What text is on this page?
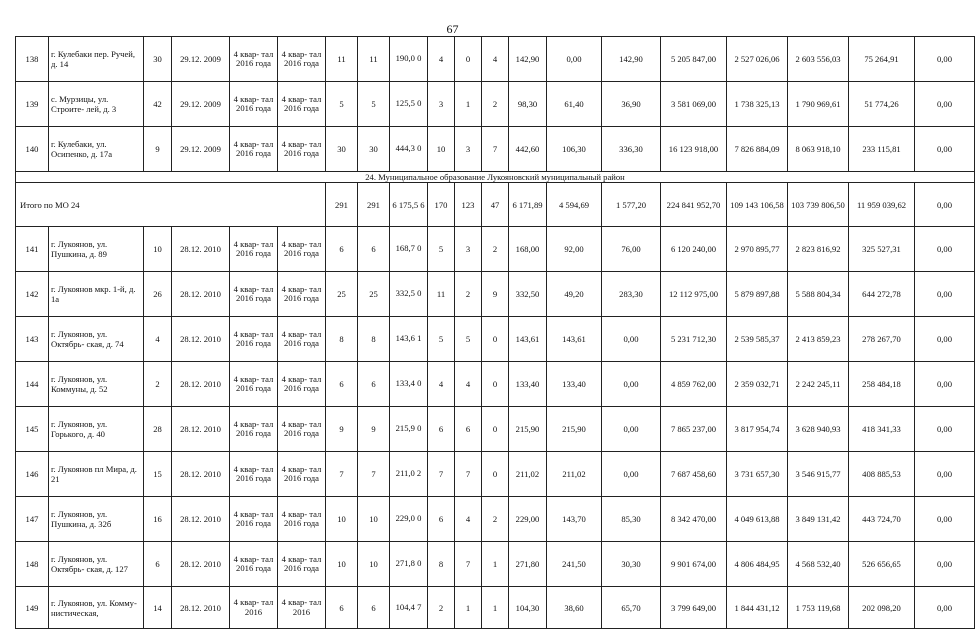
67
138	г. Кулебаки пер. Ручей, д. 14	30	29.12. 2009	4 квар- тал 2016 года	4 квар- тал 2016 года	11	11	190,0 0	4	0	4	142,90	0,00	142,90	5 205 847,00	2 527 026,06	2 603 556,03	75 264,91	0,00
139	с. Мурзицы, ул. Строите- лей, д. 3	42	29.12. 2009	4 квар- тал 2016 года	4 квар- тал 2016 года	5	5	125,5 0	3	1	2	98,30	61,40	36,90	3 581 069,00	1 738 325,13	1 790 969,61	51 774,26	0,00
140	г. Кулебаки, ул. Осипенко, д. 17а	9	29.12. 2009	4 квар- тал 2016 года	4 квар- тал 2016 года	30	30	444,3 0	10	3	7	442,60	106,30	336,30	16 123 918,00	7 826 884,09	8 063 918,10	233 115,81	0,00
24. Муниципальное образование Лукояновский муниципальный район																			
Итого по МО 24						291	291	6 175,5 6	170	123	47	6 171,89	4 594,69	1 577,20	224 841 952,70	109 143 106,58	103 739 806,50	11 959 039,62	0,00
141	г. Лукоянов, ул. Пушкина, д. 89	10	28.12. 2010	4 квар- тал 2016 года	4 квар- тал 2016 года	6	6	168,7 0	5	3	2	168,00	92,00	76,00	6 120 240,00	2 970 895,77	2 823 816,92	325 527,31	0,00
142	г. Лукоянов мкр. 1-й, д. 1а	26	28.12. 2010	4 квар- тал 2016 года	4 квар- тал 2016 года	25	25	332,5 0	11	2	9	332,50	49,20	283,30	12 112 975,00	5 879 897,88	5 588 804,34	644 272,78	0,00
143	г. Лукоянов, ул. Октябрь- ская, д. 74	4	28.12. 2010	4 квар- тал 2016 года	4 квар- тал 2016 года	8	8	143,6 1	5	5	0	143,61	143,61	0,00	5 231 712,30	2 539 585,37	2 413 859,23	278 267,70	0,00
144	г. Лукоянов, ул. Коммуны, д. 52	2	28.12. 2010	4 квар- тал 2016 года	4 квар- тал 2016 года	6	6	133,4 0	4	4	0	133,40	133,40	0,00	4 859 762,00	2 359 032,71	2 242 245,11	258 484,18	0,00
145	г. Лукоянов, ул. Горького, д. 40	28	28.12. 2010	4 квар- тал 2016 года	4 квар- тал 2016 года	9	9	215,9 0	6	6	0	215,90	215,90	0,00	7 865 237,00	3 817 954,74	3 628 940,93	418 341,33	0,00
146	г. Лукоянов пл Мира, д. 21	15	28.12. 2010	4 квар- тал 2016 года	4 квар- тал 2016 года	7	7	211,0 2	7	7	0	211,02	211,02	0,00	7 687 458,60	3 731 657,30	3 546 915,77	408 885,53	0,00
147	г. Лукоянов, ул. Пушкина, д. 32б	16	28.12. 2010	4 квар- тал 2016 года	4 квар- тал 2016 года	10	10	229,0 0	6	4	2	229,00	143,70	85,30	8 342 470,00	4 049 613,88	3 849 131,42	443 724,70	0,00
148	г. Лукоянов, ул. Октябрь- ская, д. 127	6	28.12. 2010	4 квар- тал 2016 года	4 квар- тал 2016 года	10	10	271,8 0	8	7	1	271,80	241,50	30,30	9 901 674,00	4 806 484,95	4 568 532,40	526 656,65	0,00
149	г. Лукоянов, ул. Комму- нистическая,	14	28.12. 2010	4 квар- тал 2016	4 квар- тал 2016	6	6	104,4 7	2	1	1	104,30	38,60	65,70	3 799 649,00	1 844 431,12	1 753 119,68	202 098,20	0,00
